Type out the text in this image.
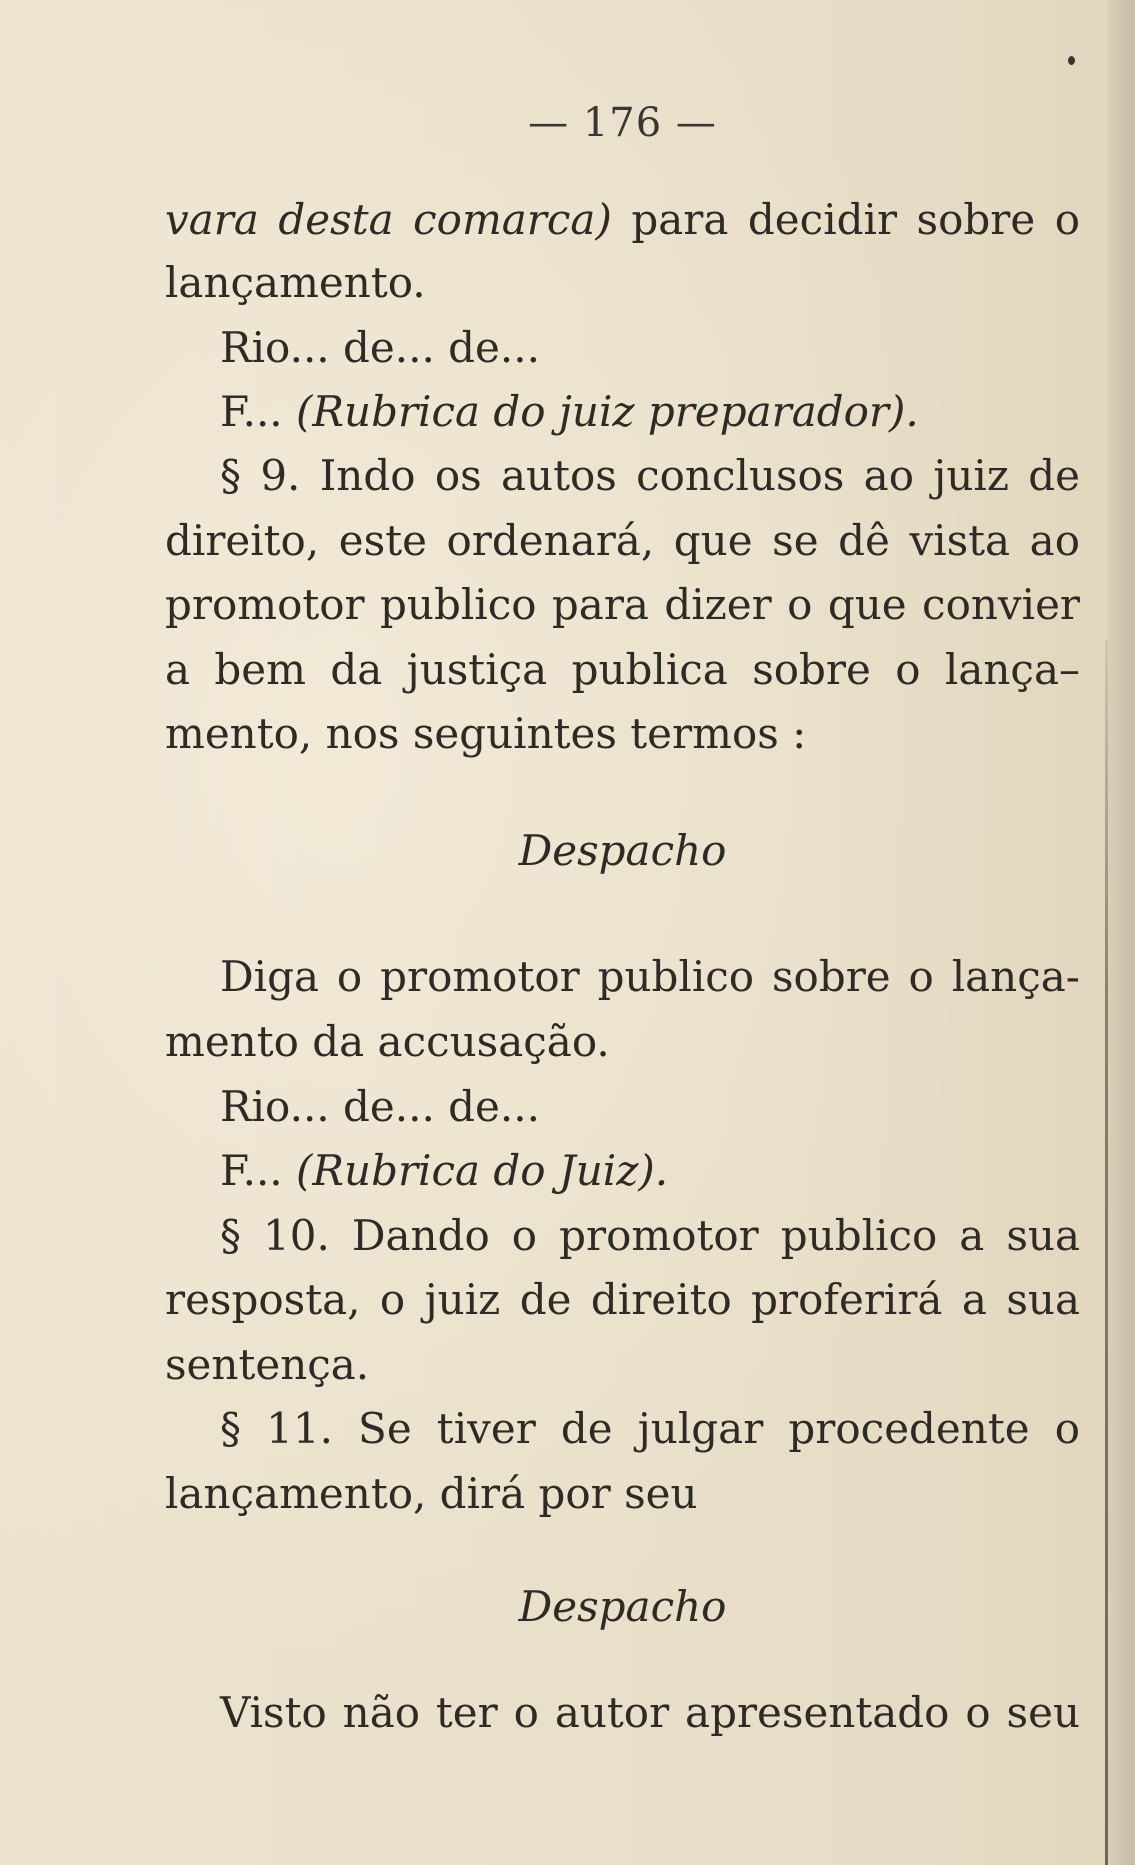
— 176 —
vara desta comarca) para decidir sobre o
lançamento.
Rio... de... de...
F... (Rubrica do juiz preparador).
§ 9. Indo os autos conclusos ao juiz de
direito, este ordenará, que se dê vista ao
promotor publico para dizer o que convier
a bem da justiça publica sobre o lança–
mento, nos seguintes termos :
Despacho
Diga o promotor publico sobre o lança-
mento da accusação.
Rio... de... de...
F... (Rubrica do Juiz).
§ 10. Dando o promotor publico a sua
resposta, o juiz de direito proferirá a sua
sentença.
§ 11. Se tiver de julgar procedente o
lançamento, dirá por seu
Despacho
Visto não ter o autor apresentado o seu
